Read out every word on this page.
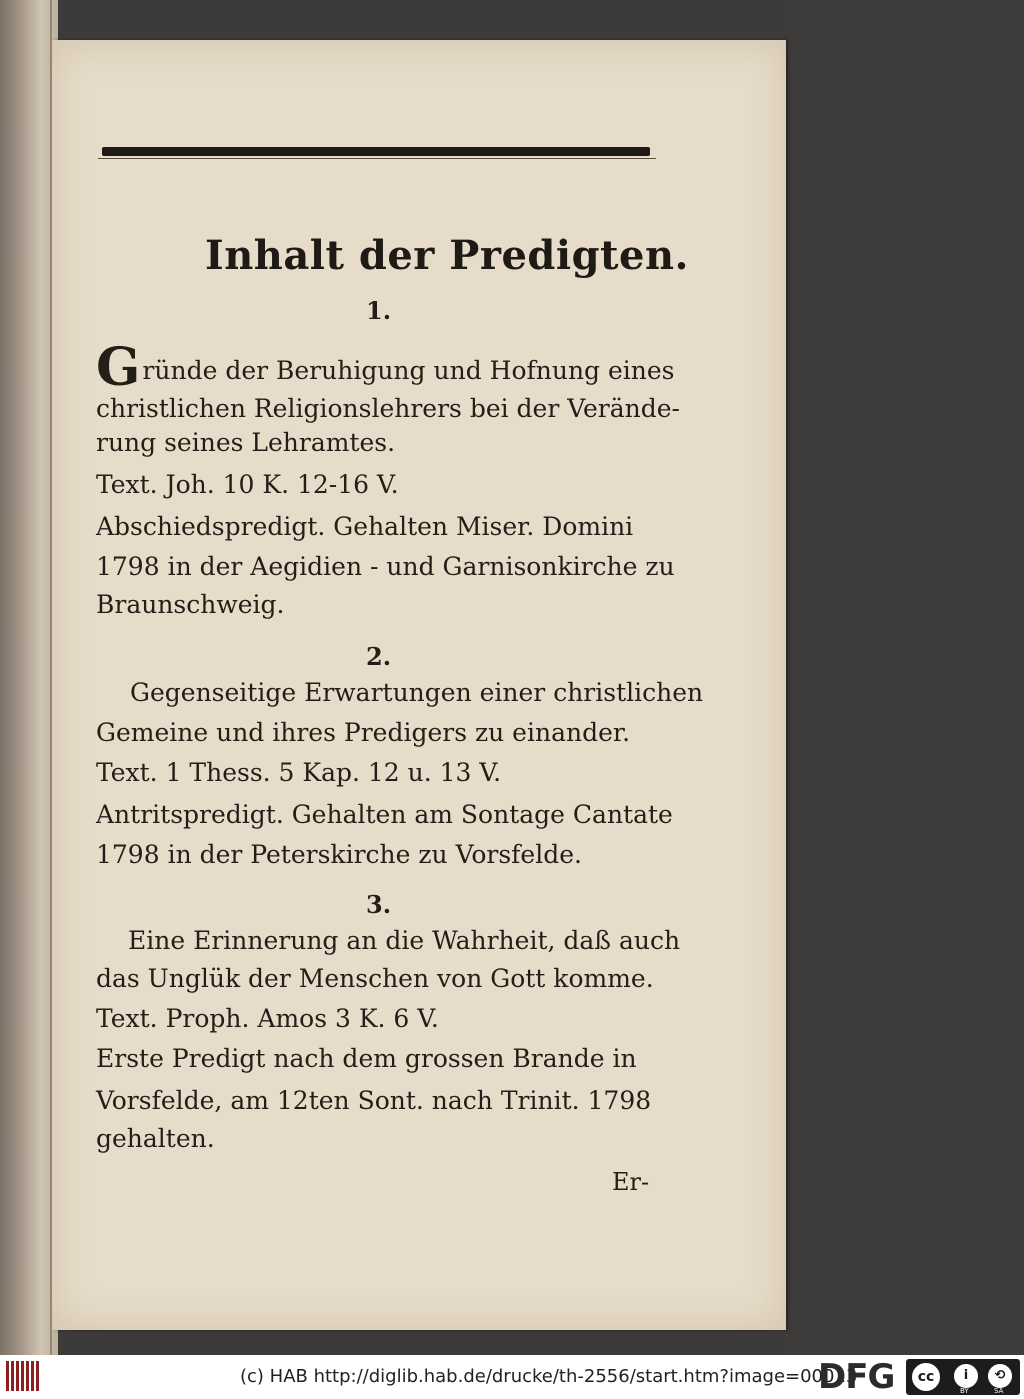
Inhalt der Predigten.
1.
Gründe der Beruhigung und Hofnung eines
christlichen Religionslehrers bei der Verände-
rung seines Lehramtes.
Text. Joh. 10 K. 12-16 V.
Abschiedspredigt. Gehalten Miser. Domini
1798 in der Aegidien - und Garnisonkirche zu
Braunschweig.
2.
Gegenseitige Erwartungen einer christlichen
Gemeine und ihres Predigers zu einander.
Text. 1 Thess. 5 Kap. 12 u. 13 V.
Antritspredigt. Gehalten am Sontage Cantate
1798 in der Peterskirche zu Vorsfelde.
3.
Eine Erinnerung an die Wahrheit, daß auch
das Unglük der Menschen von Gott komme.
Text. Proph. Amos 3 K. 6 V.
Erste Predigt nach dem grossen Brande in
Vorsfelde, am 12ten Sont. nach Trinit. 1798
gehalten.
Er-
(c) HAB http://diglib.hab.de/drucke/th-2556/start.htm?image=00013
DFG	cc	i	⟲
BY	SA
